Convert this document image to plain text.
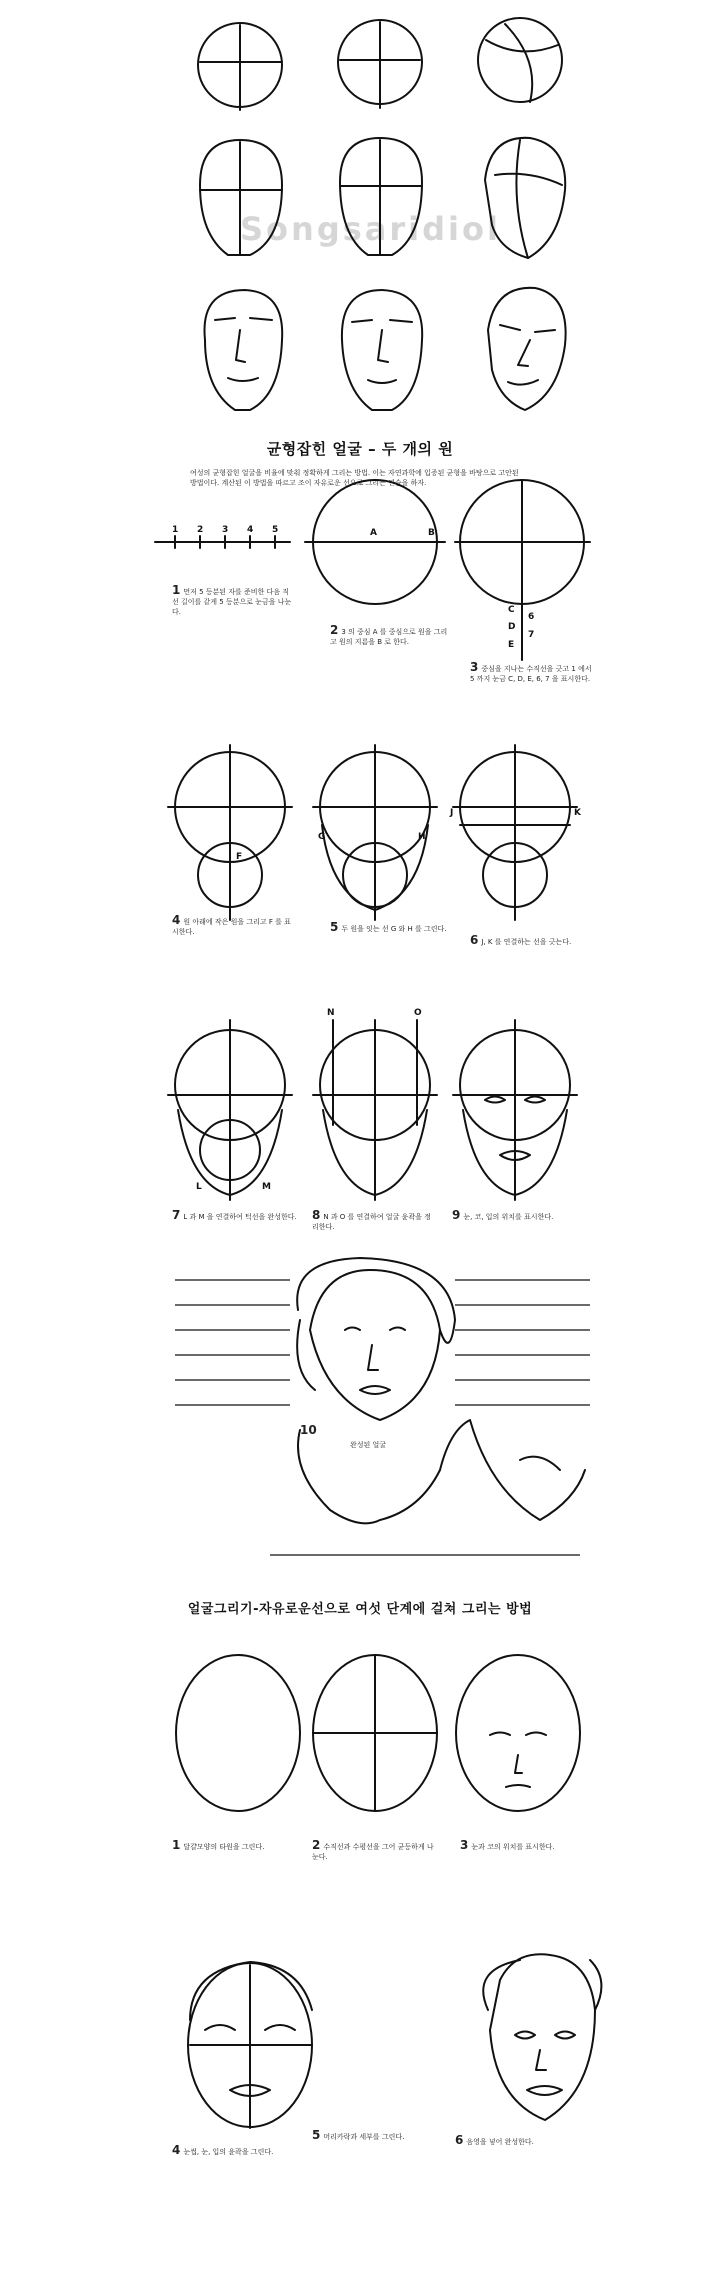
Songsaridiol
균형잡힌 얼굴 – 두 개의 원
여성의 균형잡힌 얼굴을 비율에 맞춰 정확하게 그리는 방법. 이는 자연과학에 입증된 균형을 바탕으로 고안된 방법이다. 계산된 이 방법을 따르고 조이 자유로운 선으로 그리는 연습을 하자.
1 2 3 4 5	A	B
C
6
D
7
E
1 먼저 5 등분된 자를 준비한 다음 직선 길이를 같게 5 등분으로 눈금을 나눈다.
2 3 의 중심 A 를 중심으로 원을 그리고 원의 지름을 B 로 한다.
3 중심을 지나는 수직선을 긋고 1 에서 5 까지 눈금 C, D, E, 6, 7 을 표시한다.
F
G	H
J	K
4 원 아래에 작은 원을 그리고 F 를 표시한다.	5 두 원을 잇는 선 G 와 H 를 그린다.
6 J, K 를 연결하는 선을 긋는다.
L	M
N	O
7 L 과 M 을 연결하여 턱선을 완성한다. 8 N 과 O 를 연결하여 얼굴 윤곽을 정리한다.
9 눈, 코, 입의 위치를 표시한다.
10
완성된 얼굴
얼굴그리기-자유로운선으로 여섯 단계에 걸쳐 그리는 방법
1 달걀모양의 타원을 그린다.	2 수직선과 수평선을 그어 균등하게 나눈다.
3 눈과 코의 위치를 표시한다.
4 눈썹, 눈, 입의 윤곽을 그린다.
5 머리카락과 세부를 그린다.	6 음영을 넣어 완성한다.
